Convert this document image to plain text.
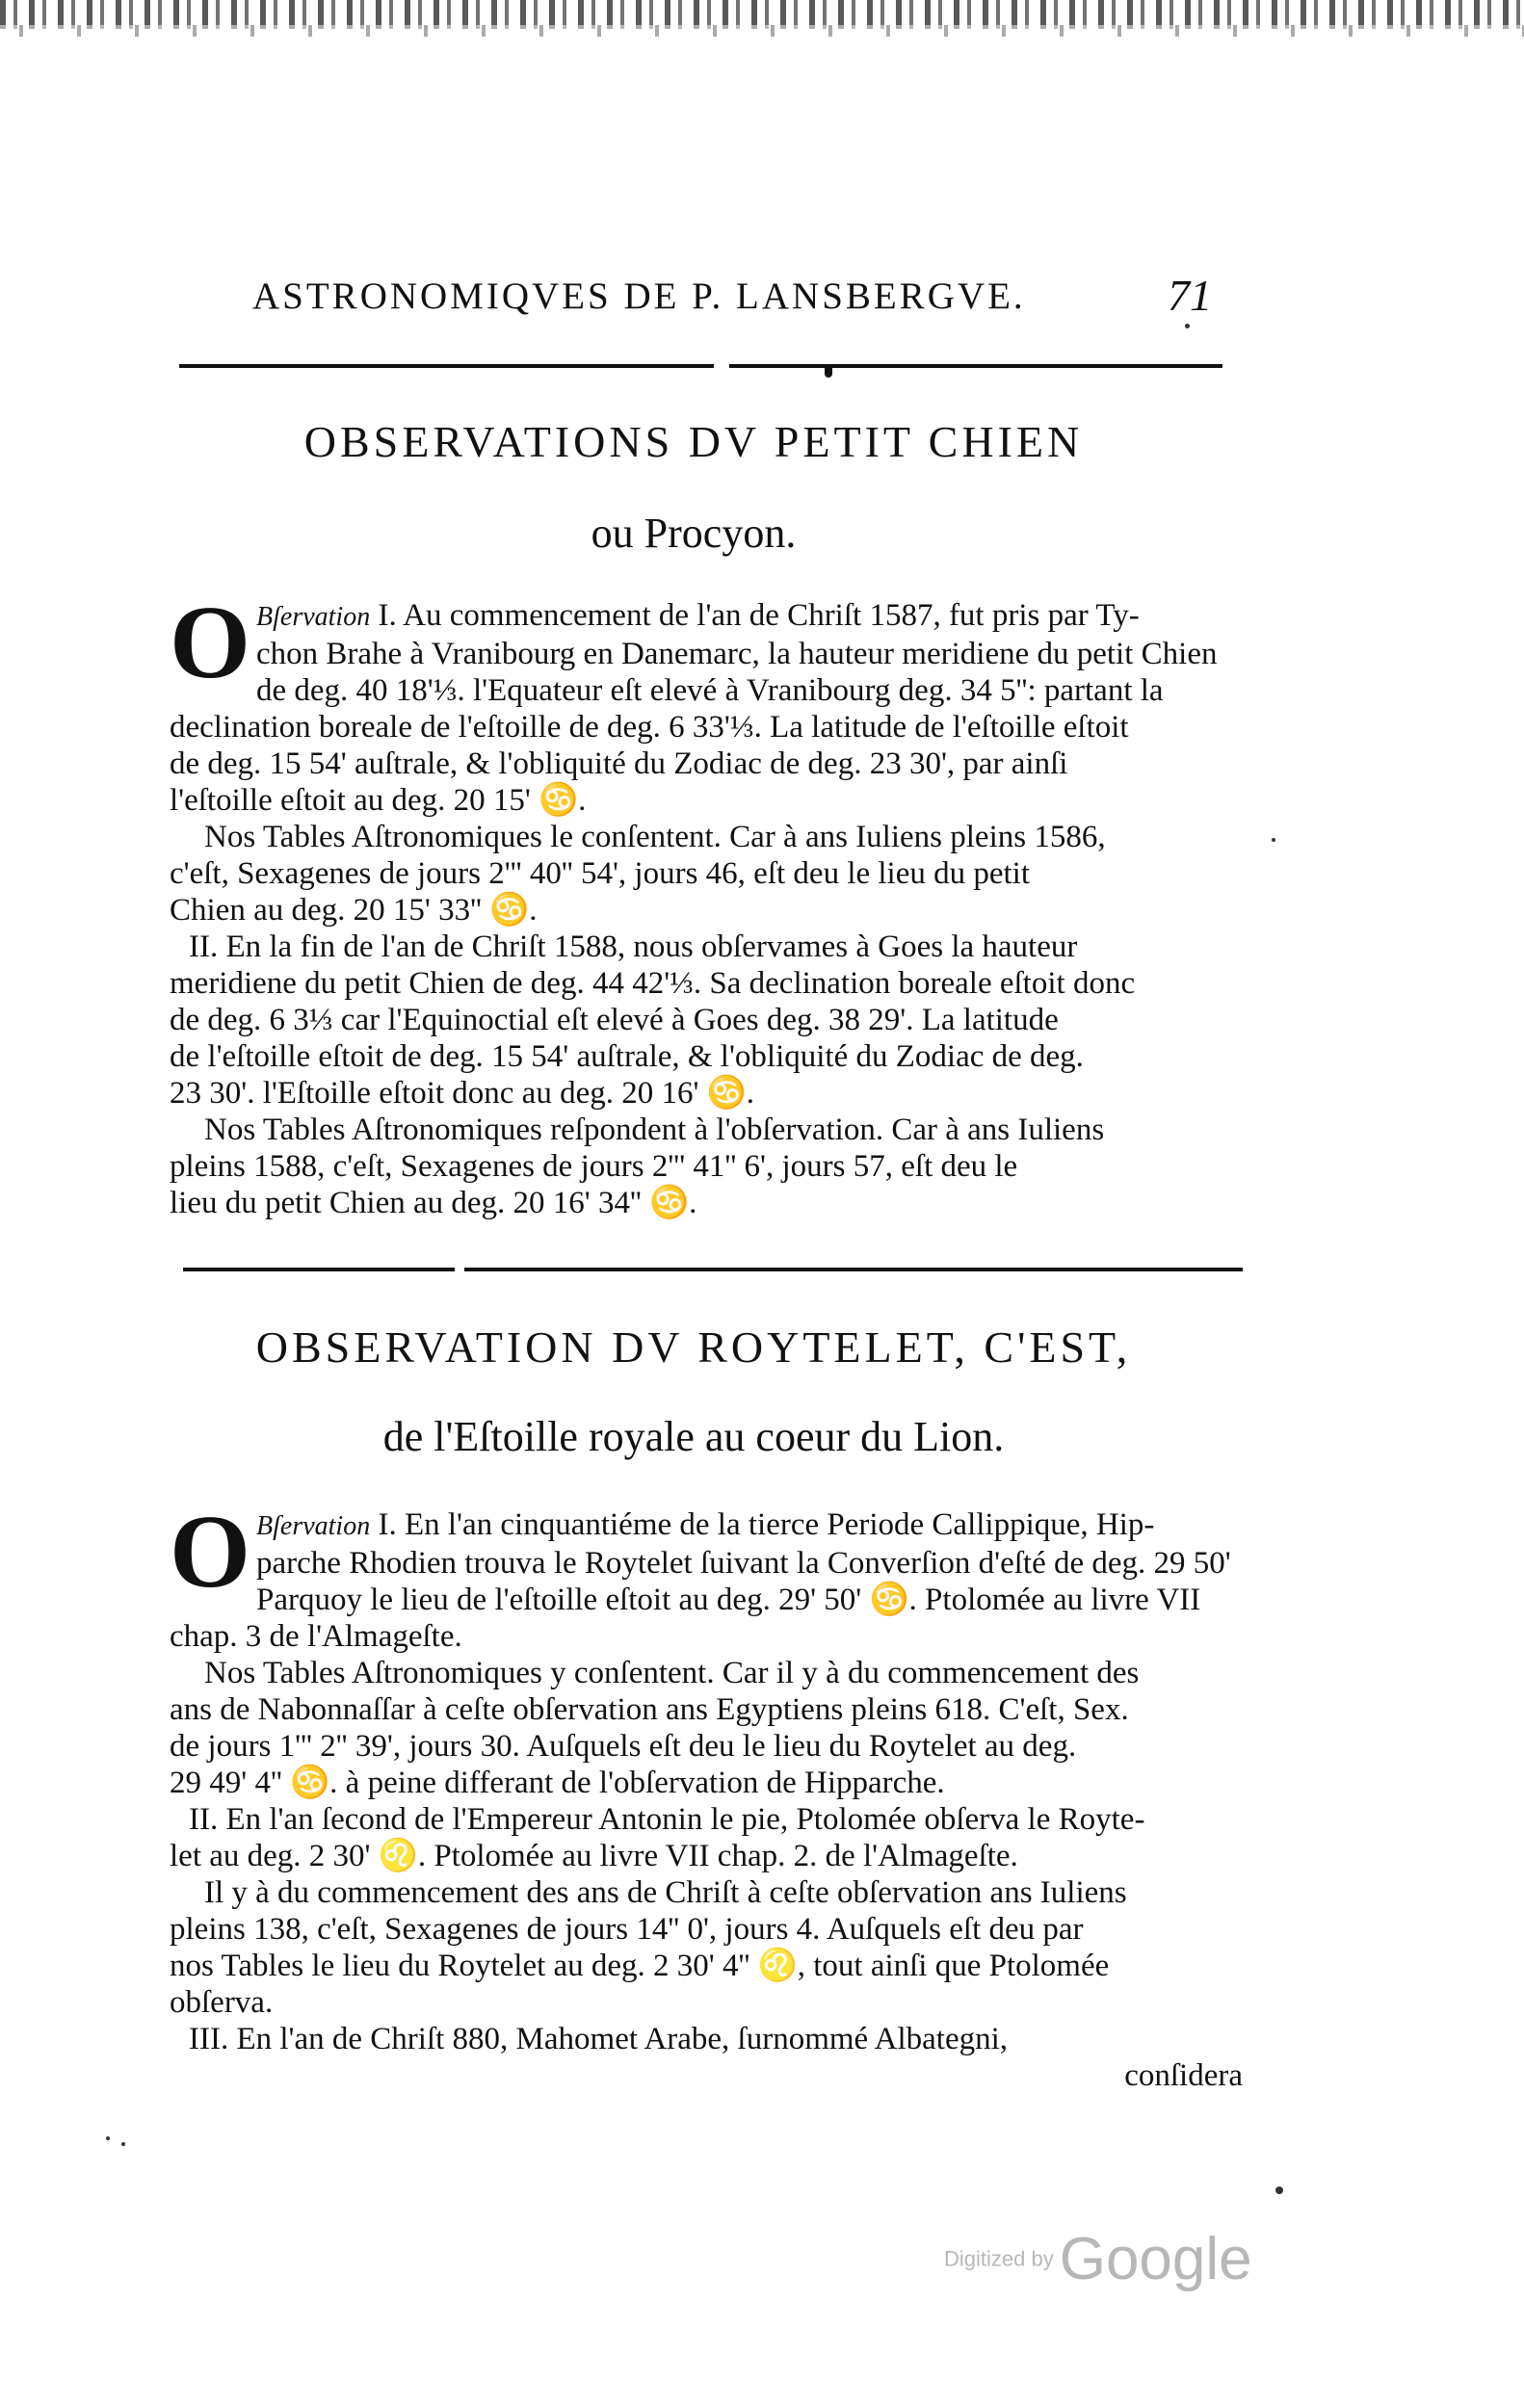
ASTRONOMIQVES DE P. LANSBERGVE.	71
OBSERVATIONS DV PETIT CHIEN
ou Procyon.

O Bſervation I. Au commencement de l'an de Chriſt 1587, fut pris par Ty-
chon Brahe à Vranibourg en Danemarc, la hauteur meridiene du petit Chien
de deg. 40 18'⅓. l'Equateur eſt elevé à Vranibourg deg. 34 5'': partant la
declination boreale de l'eſtoille de deg. 6 33'⅓. La latitude de l'eſtoille eſtoit
de deg. 15 54' auſtrale, & l'obliquité du Zodiac de deg. 23 30', par ainſi
l'eſtoille eſtoit au deg. 20 15' ♋.

Nos Tables Aſtronomiques le conſentent. Car à ans Iuliens pleins 1586,
c'eſt, Sexagenes de jours 2''' 40'' 54', jours 46, eſt deu le lieu du petit
Chien au deg. 20 15' 33'' ♋.

II. En la fin de l'an de Chriſt 1588, nous obſervames à Goes la hauteur
meridiene du petit Chien de deg. 44 42'⅓. Sa declination boreale eſtoit donc
de deg. 6 3⅓ car l'Equinoctial eſt elevé à Goes deg. 38 29'. La latitude
de l'eſtoille eſtoit de deg. 15 54' auſtrale, & l'obliquité du Zodiac de deg.
23 30'. l'Eſtoille eſtoit donc au deg. 20 16' ♋.

Nos Tables Aſtronomiques reſpondent à l'obſervation. Car à ans Iuliens
pleins 1588, c'eſt, Sexagenes de jours 2''' 41'' 6', jours 57, eſt deu le
lieu du petit Chien au deg. 20 16' 34'' ♋.

OBSERVATION DV ROYTELET, C'EST,
de l'Eſtoille royale au coeur du Lion.

O Bſervation I. En l'an cinquantiéme de la tierce Periode Callippique, Hip-
parche Rhodien trouva le Roytelet ſuivant la Converſion d'eſté de deg. 29 50'
Parquoy le lieu de l'eſtoille eſtoit au deg. 29' 50' ♋. Ptolomée au livre VII
chap. 3 de l'Almageſte.

Nos Tables Aſtronomiques y conſentent. Car il y à du commencement des
ans de Nabonnaſſar à ceſte obſervation ans Egyptiens pleins 618. C'eſt, Sex.
de jours 1''' 2'' 39', jours 30. Auſquels eſt deu le lieu du Roytelet au deg.
29 49' 4'' ♋. à peine differant de l'obſervation de Hipparche.

II. En l'an ſecond de l'Empereur Antonin le pie, Ptolomée obſerva le Royte-
let au deg. 2 30' ♌. Ptolomée au livre VII chap. 2. de l'Almageſte.

Il y à du commencement des ans de Chriſt à ceſte obſervation ans Iuliens
pleins 138, c'eſt, Sexagenes de jours 14'' 0', jours 4. Auſquels eſt deu par
nos Tables le lieu du Roytelet au deg. 2 30' 4'' ♌, tout ainſi que Ptolomée
obſerva.

III. En l'an de Chriſt 880, Mahomet Arabe, ſurnommé Albategni,

conſidera

Digitized byGoogle
